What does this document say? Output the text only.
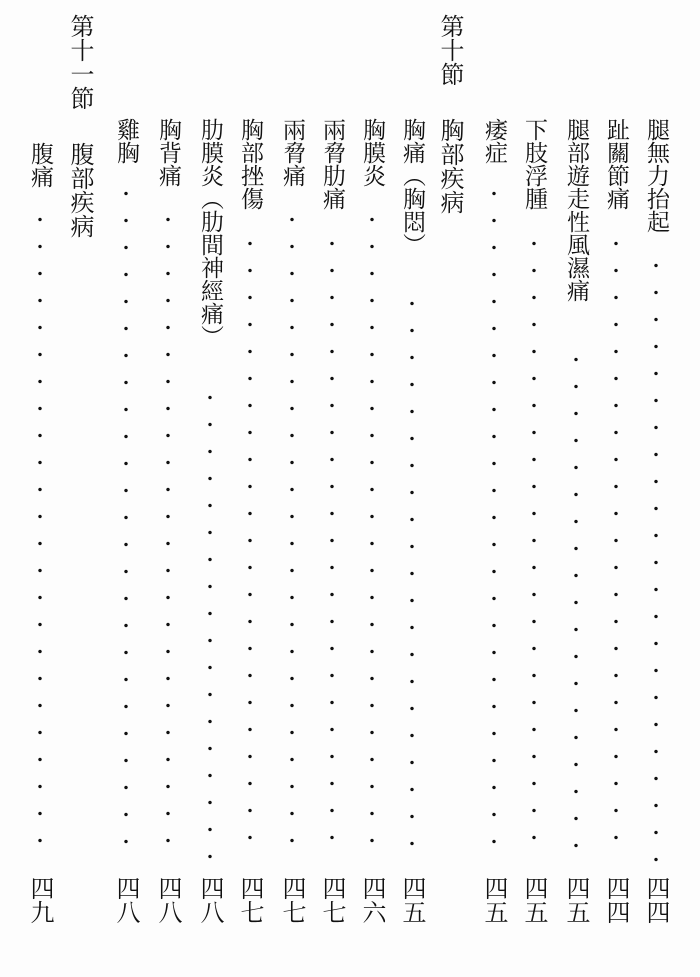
腿無力抬起
四四
趾關節痛
四四
腿部遊走性風濕痛
四五
下肢浮腫
四五
痿症
四五
第十節
胸部疾病
胸痛（胸悶）
四五
胸膜炎
四六
兩脅肋痛
四七
兩脅痛
四七
胸部挫傷
四七
肋膜炎（肋間神經痛）
四八
胸背痛
四八
雞胸
四八
第十一節
腹部疾病
腹痛
四九
